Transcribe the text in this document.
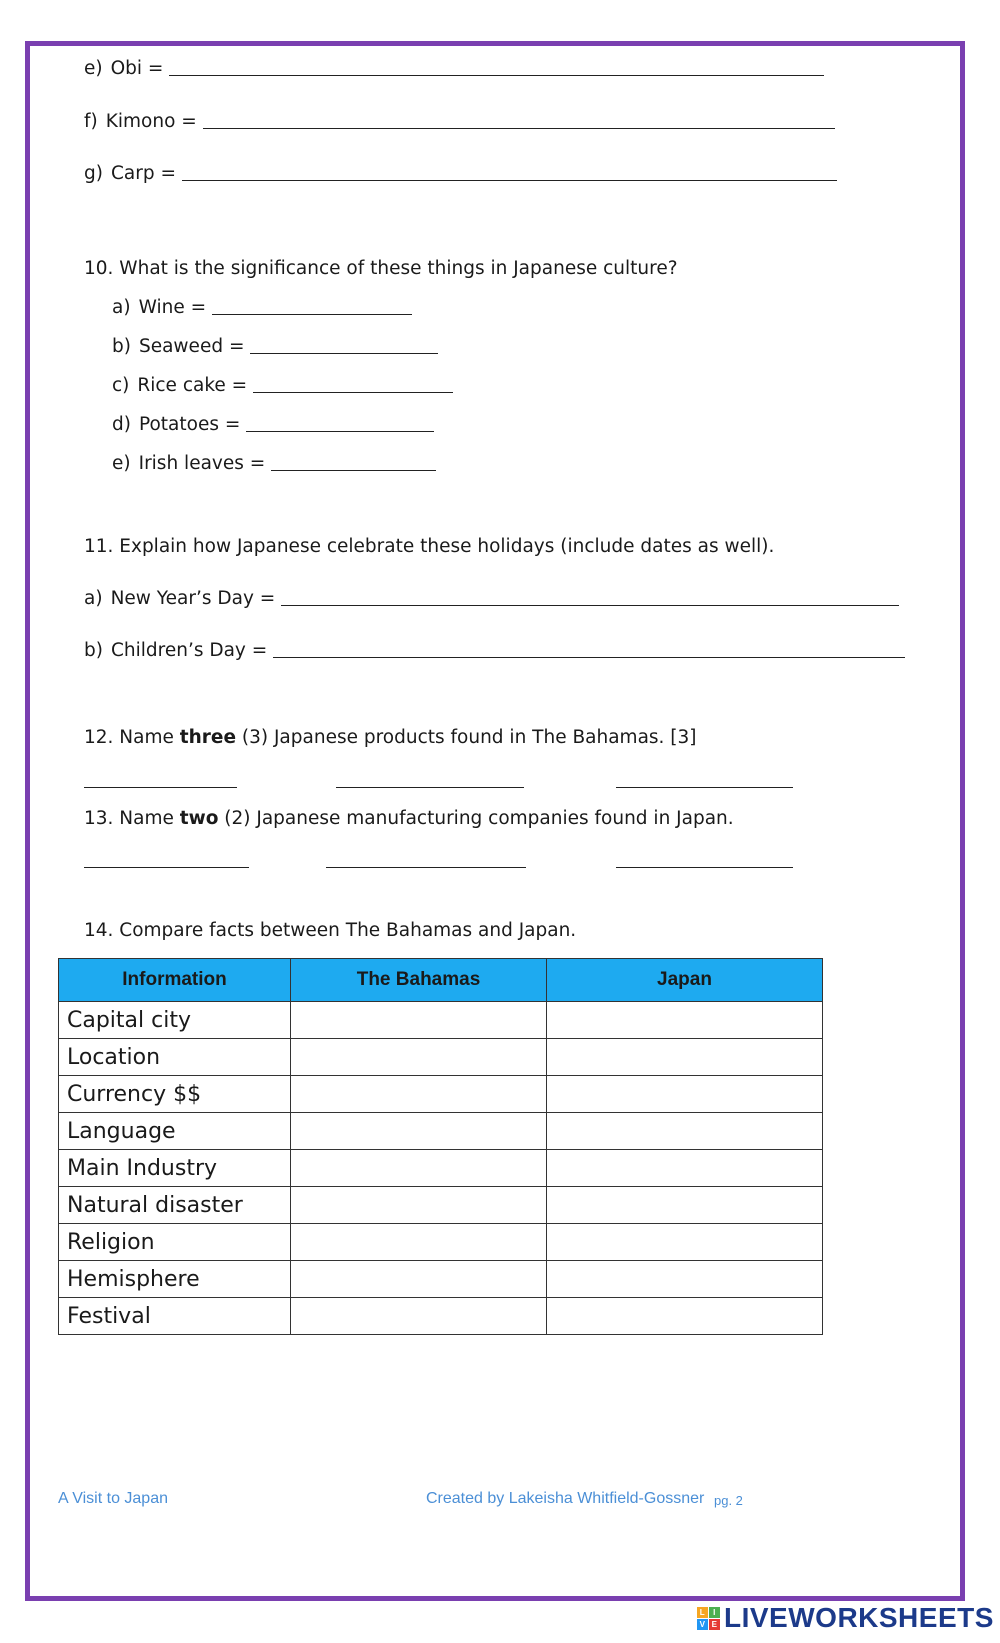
e) Obi =
f) Kimono =
g) Carp =
10. What is the significance of these things in Japanese culture?
a) Wine =
b) Seaweed =
c) Rice cake =
d) Potatoes =
e) Irish leaves =
11. Explain how Japanese celebrate these holidays (include dates as well).
a) New Year’s Day =
b) Children’s Day =
12. Name three (3) Japanese products found in The Bahamas. [3]
13. Name two (2) Japanese manufacturing companies found in Japan.
14. Compare facts between The Bahamas and Japan.
Information	The Bahamas	Japan
Capital city		
Location		
Currency $$		
Language		
Main Industry		
Natural disaster		
Religion		
Hemisphere		
Festival		
A Visit to Japan	Created by Lakeisha Whitfield-Gossner pg. 2
L I
V E LIVEWORKSHEETS
